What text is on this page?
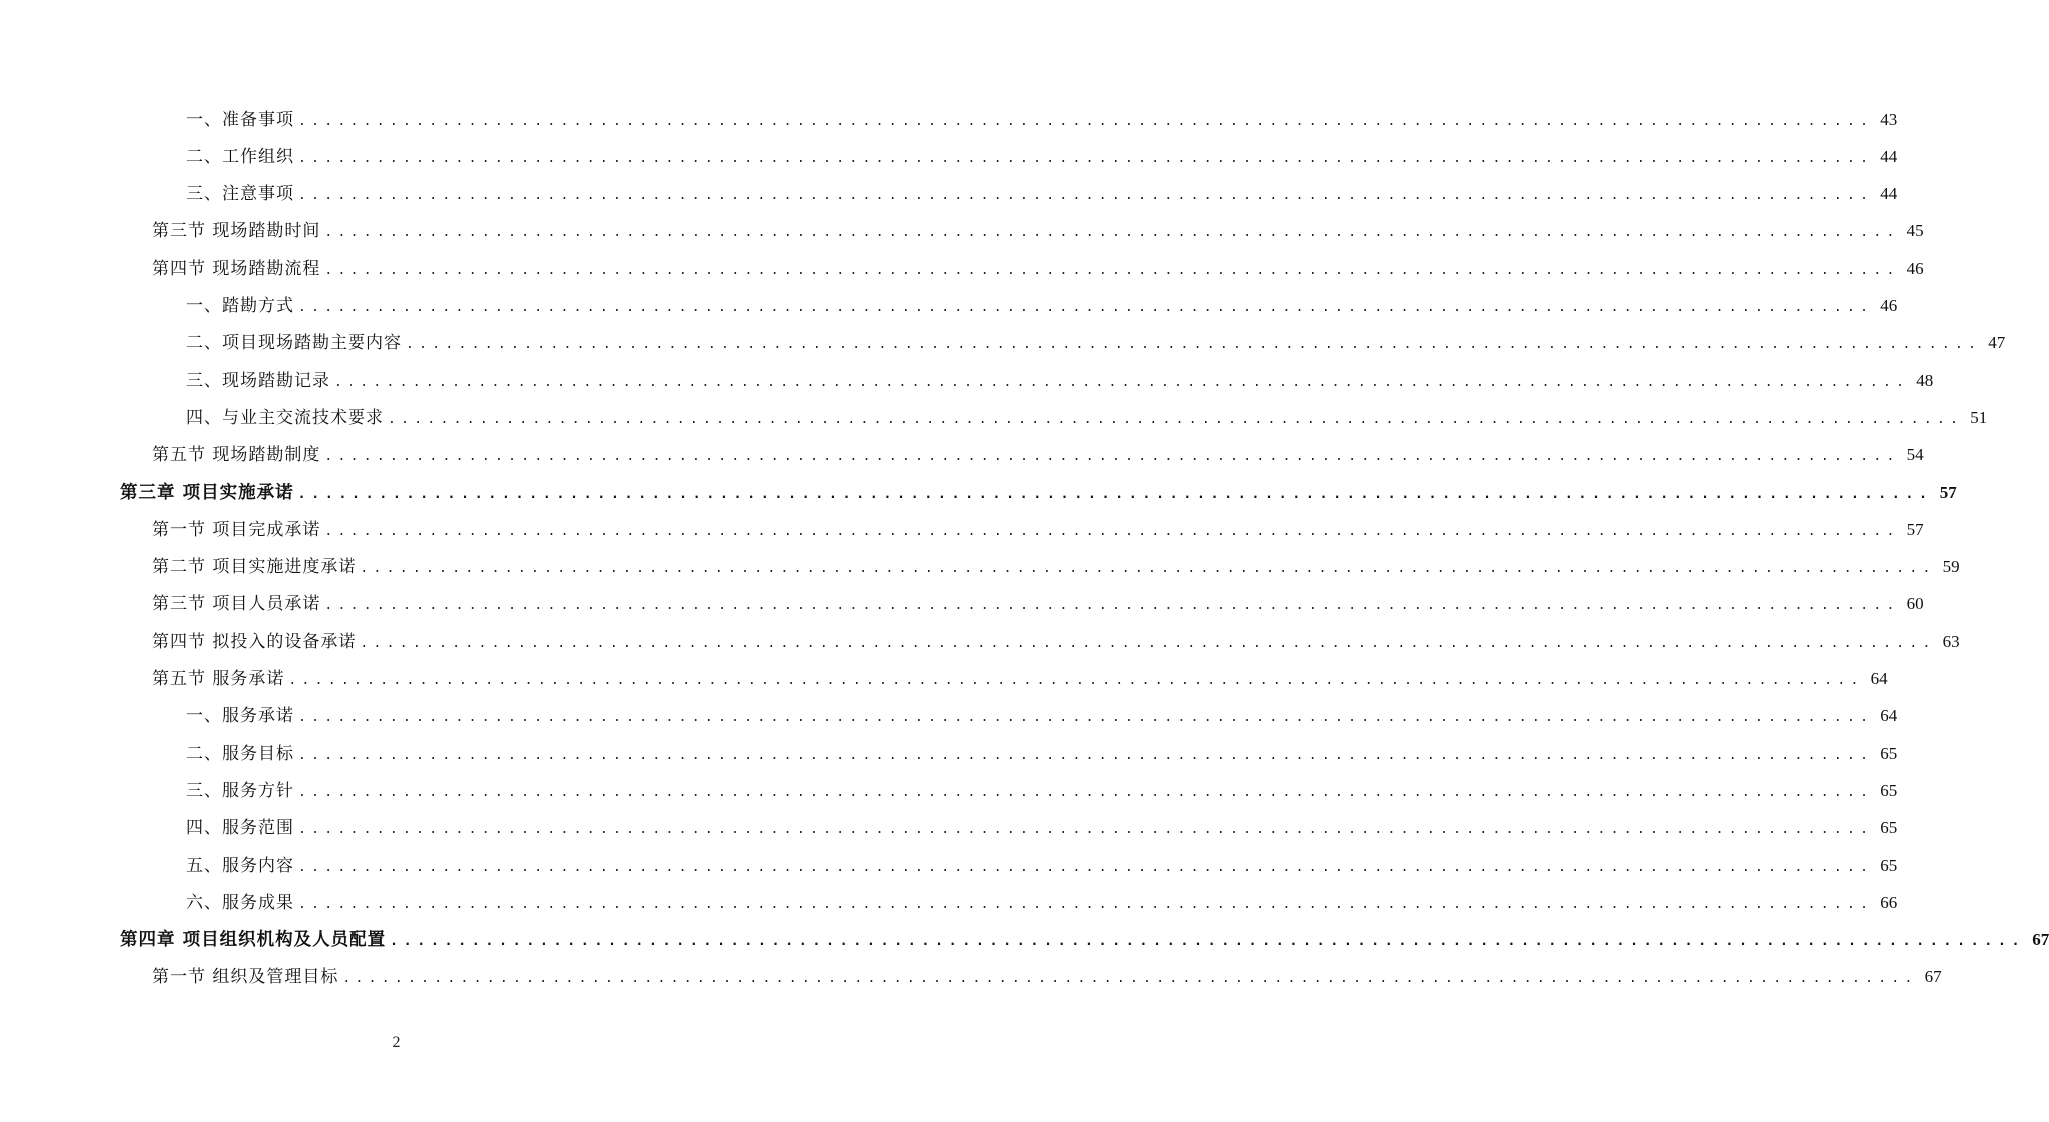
一、准备事项 ........................................................................................................................ 43
二、工作组织 ........................................................................................................................ 44
三、注意事项 ........................................................................................................................ 44
第三节 现场踏勘时间 ........................................................................................................................ 45
第四节 现场踏勘流程 ........................................................................................................................ 46
一、踏勘方式 ........................................................................................................................ 46
二、项目现场踏勘主要内容 ........................................................................................................................ 47
三、现场踏勘记录 ........................................................................................................................ 48
四、与业主交流技术要求 ........................................................................................................................ 51
第五节 现场踏勘制度 ........................................................................................................................ 54
第三章 项目实施承诺 ........................................................................................................................ 57
第一节 项目完成承诺 ........................................................................................................................ 57
第二节 项目实施进度承诺 ........................................................................................................................ 59
第三节 项目人员承诺 ........................................................................................................................ 60
第四节 拟投入的设备承诺 ........................................................................................................................ 63
第五节 服务承诺 ........................................................................................................................ 64
一、服务承诺 ........................................................................................................................ 64
二、服务目标 ........................................................................................................................ 65
三、服务方针 ........................................................................................................................ 65
四、服务范围 ........................................................................................................................ 65
五、服务内容 ........................................................................................................................ 65
六、服务成果 ........................................................................................................................ 66
第四章 项目组织机构及人员配置 ........................................................................................................................ 67
第一节 组织及管理目标 ........................................................................................................................ 67
2
